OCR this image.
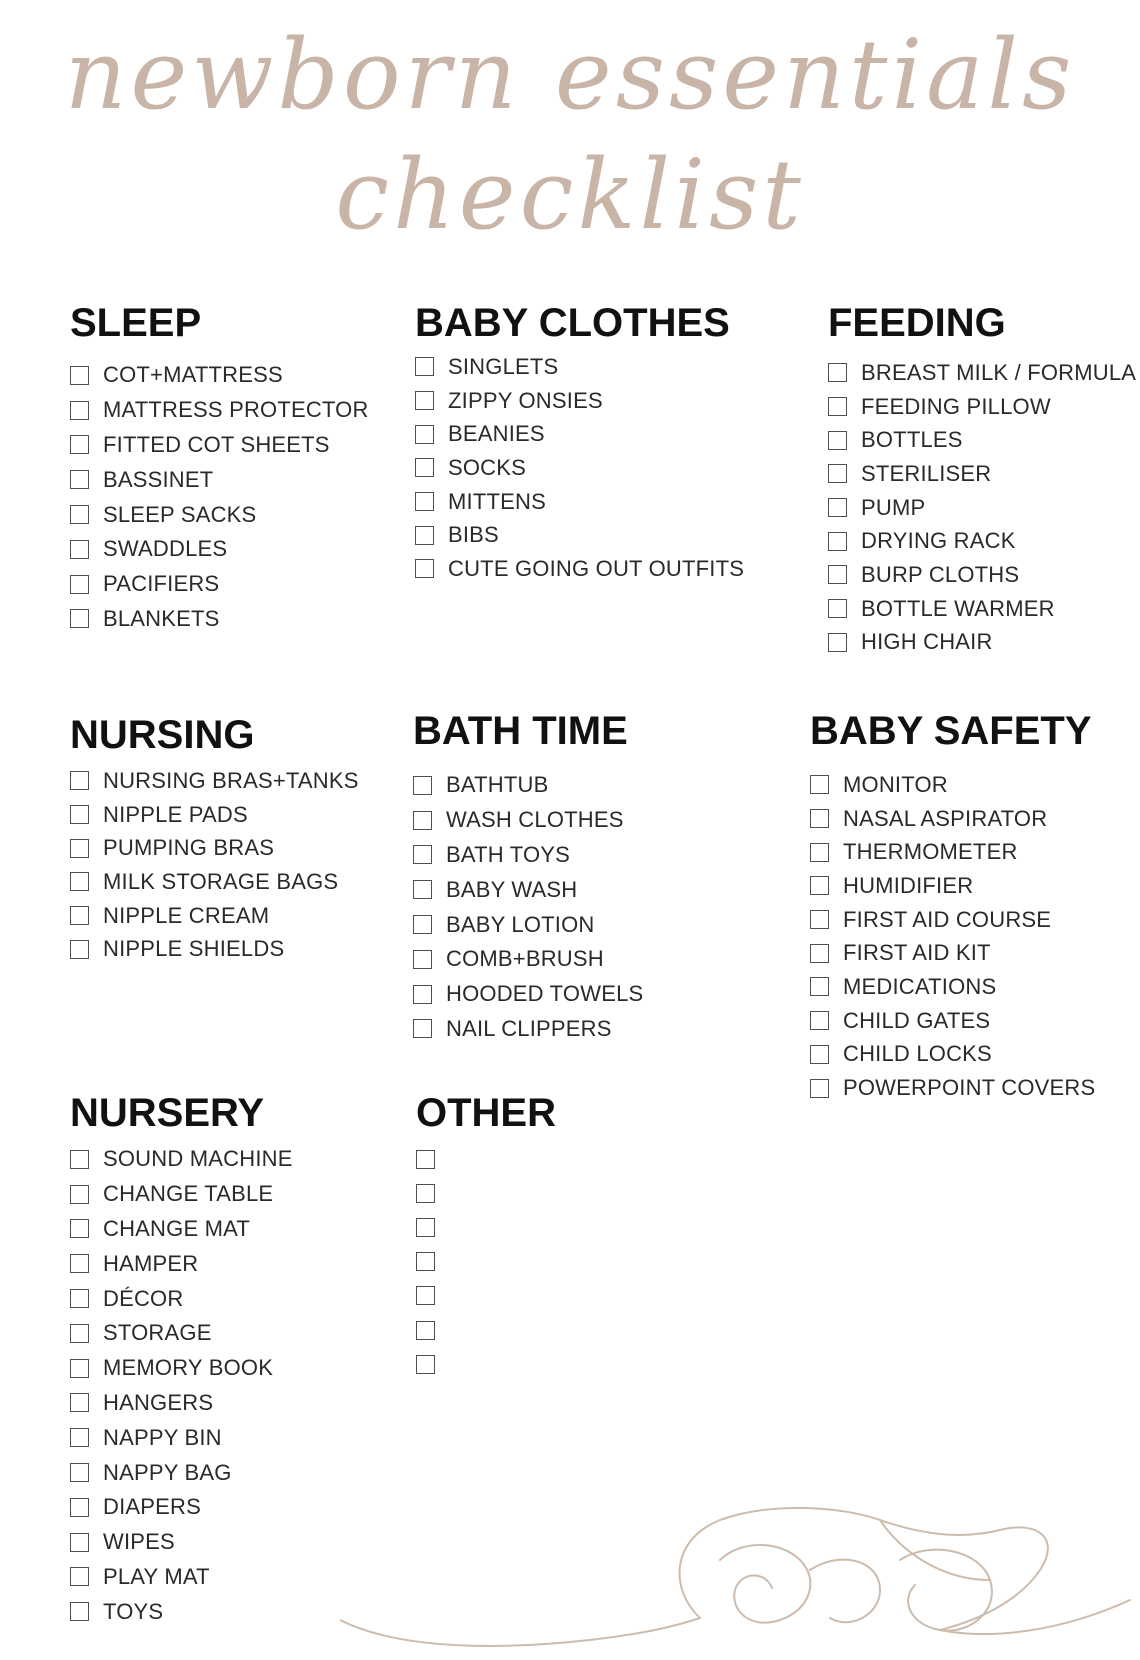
newborn essentials
checklist
SLEEP
COT+MATTRESS
MATTRESS PROTECTOR
FITTED COT SHEETS
BASSINET
SLEEP SACKS
SWADDLES
PACIFIERS
BLANKETS
BABY CLOTHES
SINGLETS
ZIPPY ONSIES
BEANIES
SOCKS
MITTENS
BIBS
CUTE GOING OUT OUTFITS
FEEDING
BREAST MILK / FORMULA
FEEDING PILLOW
BOTTLES
STERILISER
PUMP
DRYING RACK
BURP CLOTHS
BOTTLE WARMER
HIGH CHAIR
NURSING
NURSING BRAS+TANKS
NIPPLE PADS
PUMPING BRAS
MILK STORAGE BAGS
NIPPLE CREAM
NIPPLE SHIELDS
BATH TIME
BATHTUB
WASH CLOTHES
BATH TOYS
BABY WASH
BABY LOTION
COMB+BRUSH
HOODED TOWELS
NAIL CLIPPERS
BABY SAFETY
MONITOR
NASAL ASPIRATOR
THERMOMETER
HUMIDIFIER
FIRST AID COURSE
FIRST AID KIT
MEDICATIONS
CHILD GATES
CHILD LOCKS
POWERPOINT COVERS
NURSERY
SOUND MACHINE
CHANGE TABLE
CHANGE MAT
HAMPER
DÉCOR
STORAGE
MEMORY BOOK
HANGERS
NAPPY BIN
NAPPY BAG
DIAPERS
WIPES
PLAY MAT
TOYS
OTHER
